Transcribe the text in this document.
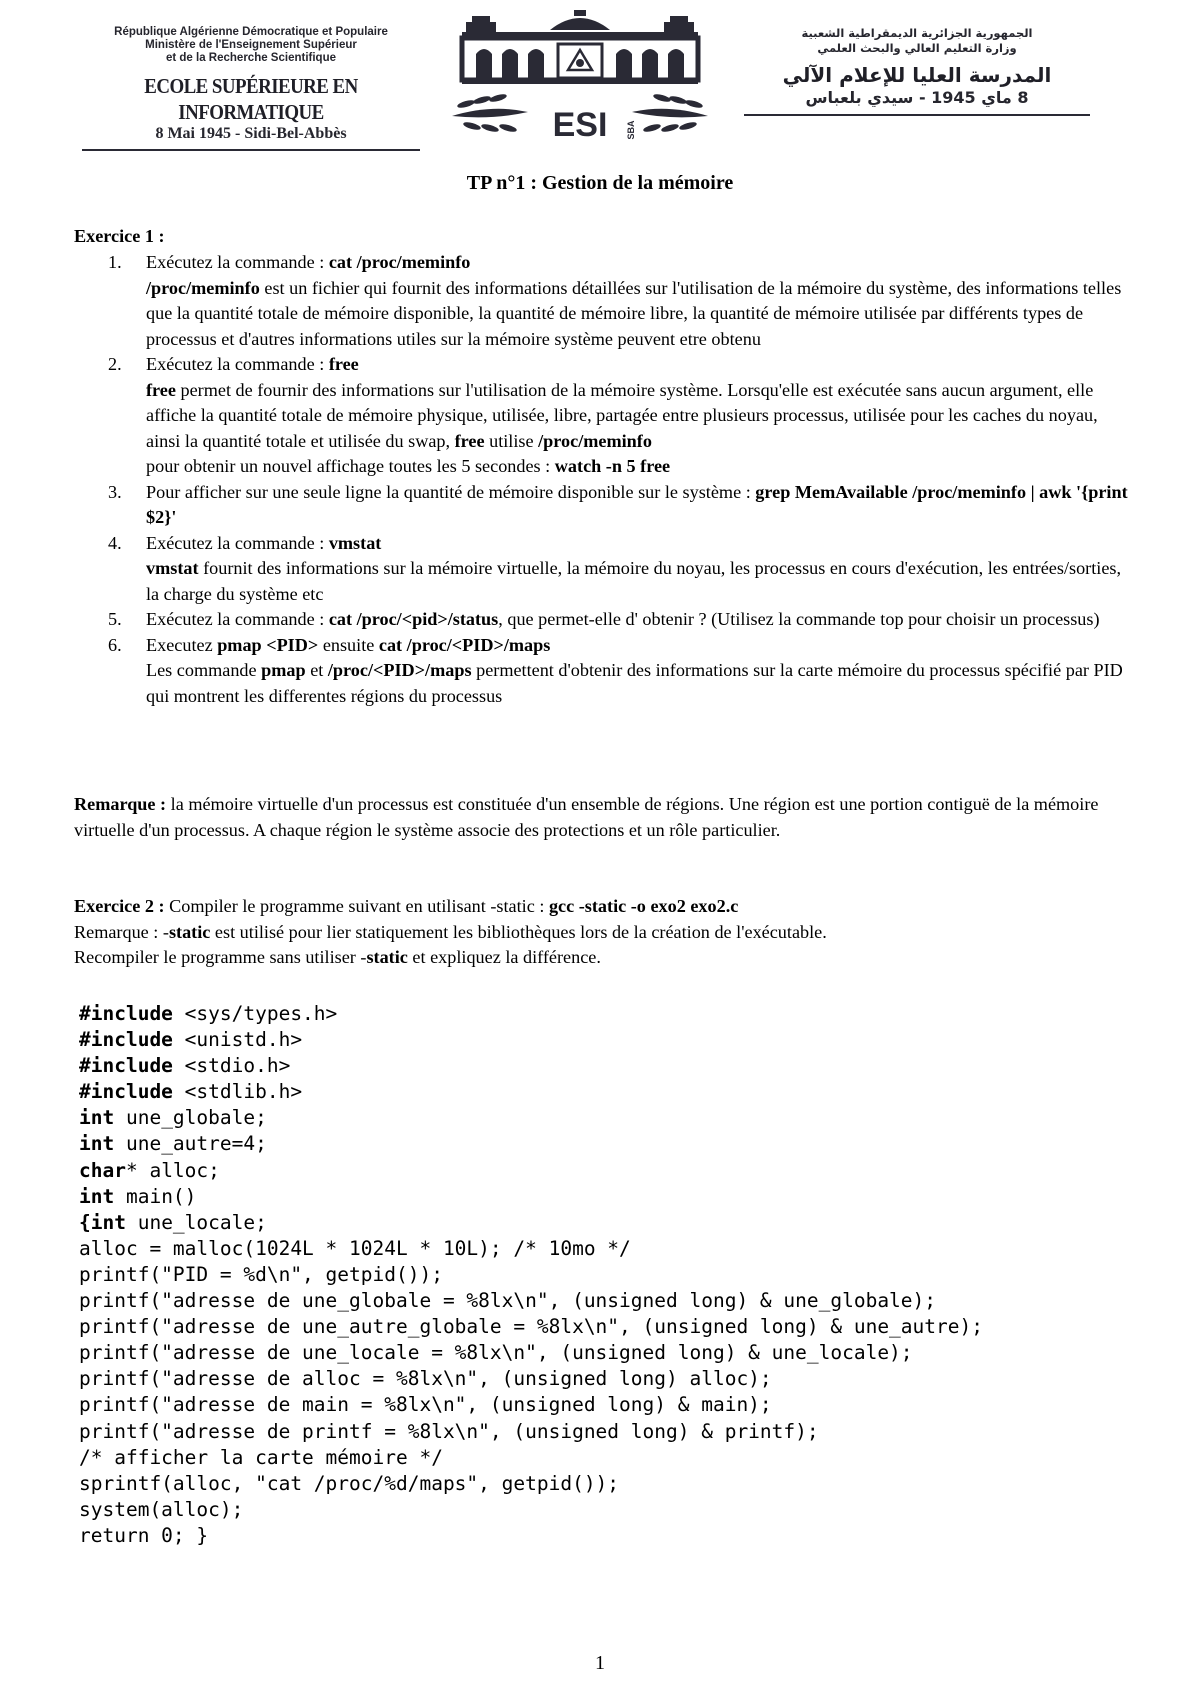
République Algérienne Démocratique et Populaire
Ministère de l'Enseignement Supérieur
et de la Recherche Scientifique
ECOLE SUPÉRIEURE EN INFORMATIQUE
8 Mai 1945 - Sidi-Bel-Abbès	ESI SBA
الجمهورية الجزائرية الديمقراطية الشعبية
وزارة التعليم العالي والبحث العلمي
المدرسة العليا للإعلام الآلي
8 ماي 1945 - سيدي بلعباس
TP n°1 : Gestion de la mémoire
Exercice 1 :
1. Exécutez la commande : cat /proc/meminfo
/proc/meminfo est un fichier qui fournit des informations détaillées sur l'utilisation de la mémoire du système, des informations telles que la quantité totale de mémoire disponible, la quantité de mémoire libre, la quantité de mémoire utilisée par différents types de processus et d'autres informations utiles sur la mémoire système peuvent etre obtenu
2. Exécutez la commande : free
free permet de fournir des informations sur l'utilisation de la mémoire système. Lorsqu'elle est exécutée sans aucun argument, elle affiche la quantité totale de mémoire physique, utilisée, libre, partagée entre plusieurs processus, utilisée pour les caches du noyau, ainsi la quantité totale et utilisée du swap, free utilise /proc/meminfo
pour obtenir un nouvel affichage toutes les 5 secondes : watch -n 5 free
3. Pour afficher sur une seule ligne la quantité de mémoire disponible sur le système : grep MemAvailable /proc/meminfo | awk '{print $2}'
4. Exécutez la commande : vmstat
vmstat fournit des informations sur la mémoire virtuelle, la mémoire du noyau, les processus en cours d'exécution, les entrées/sorties, la charge du système etc
5. Exécutez la commande : cat /proc/<pid>/status, que permet-elle d' obtenir ? (Utilisez la commande top pour choisir un processus)
6. Executez pmap <PID> ensuite cat /proc/<PID>/maps
Les commande pmap et /proc/<PID>/maps permettent d'obtenir des informations sur la carte mémoire du processus spécifié par PID qui montrent les differentes régions du processus
Remarque : la mémoire virtuelle d'un processus est constituée d'un ensemble de régions. Une région est une portion contiguë de la mémoire virtuelle d'un processus. A chaque région le système associe des protections et un rôle particulier.
Exercice 2 : Compiler le programme suivant en utilisant -static : gcc -static -o exo2 exo2.c
Remarque : -static est utilisé pour lier statiquement les bibliothèques lors de la création de l'exécutable.
Recompiler le programme sans utiliser -static et expliquez la différence.
#include <sys/types.h>
#include <unistd.h>
#include <stdio.h>
#include <stdlib.h>
int une_globale;
int une_autre=4;
char* alloc;
int main()
{int une_locale;
alloc = malloc(1024L * 1024L * 10L); /* 10mo */
printf("PID = %d\n", getpid());
printf("adresse de une_globale = %8lx\n", (unsigned long) & une_globale);
printf("adresse de une_autre_globale = %8lx\n", (unsigned long) & une_autre);
printf("adresse de une_locale = %8lx\n", (unsigned long) & une_locale);
printf("adresse de alloc = %8lx\n", (unsigned long) alloc);
printf("adresse de main = %8lx\n", (unsigned long) & main);
printf("adresse de printf = %8lx\n", (unsigned long) & printf);
/* afficher la carte mémoire */
sprintf(alloc, "cat /proc/%d/maps", getpid());
system(alloc);
return 0; }
1
